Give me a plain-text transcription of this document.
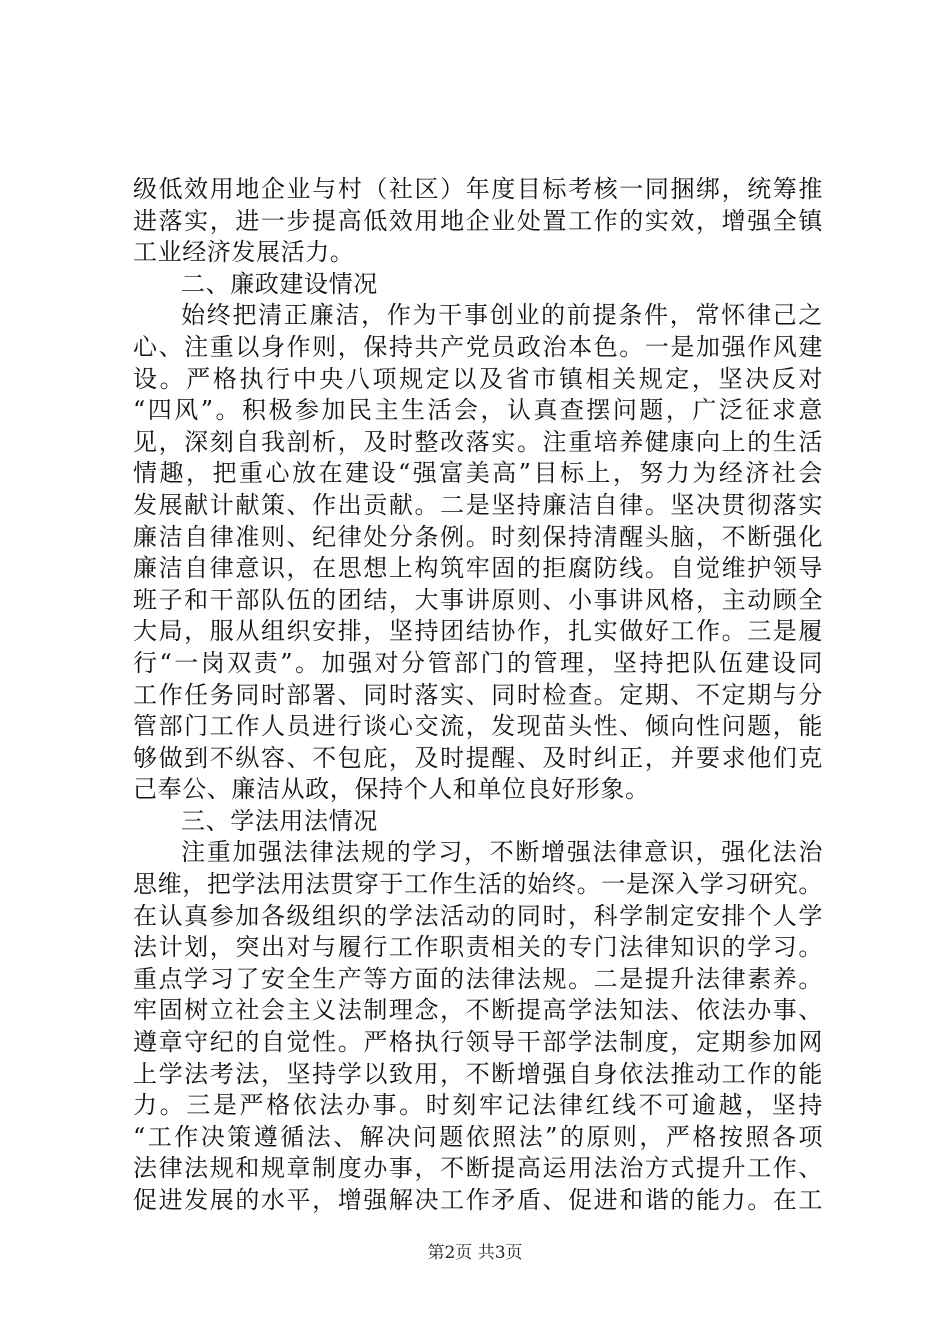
级低效用地企业与村（社区）年度目标考核一同捆绑，统筹推
进落实，进一步提高低效用地企业处置工作的实效，增强全镇
工业经济发展活力。
二、廉政建设情况
始终把清正廉洁，作为干事创业的前提条件，常怀律己之
心、注重以身作则，保持共产党员政治本色。一是加强作风建
设。严格执行中央八项规定以及省市镇相关规定，坚决反对
“四风”。积极参加民主生活会，认真查摆问题，广泛征求意
见，深刻自我剖析，及时整改落实。注重培养健康向上的生活
情趣，把重心放在建设“强富美高”目标上，努力为经济社会
发展献计献策、作出贡献。二是坚持廉洁自律。坚决贯彻落实
廉洁自律准则、纪律处分条例。时刻保持清醒头脑，不断强化
廉洁自律意识，在思想上构筑牢固的拒腐防线。自觉维护领导
班子和干部队伍的团结，大事讲原则、小事讲风格，主动顾全
大局，服从组织安排，坚持团结协作，扎实做好工作。三是履
行“一岗双责”。加强对分管部门的管理，坚持把队伍建设同
工作任务同时部署、同时落实、同时检查。定期、不定期与分
管部门工作人员进行谈心交流，发现苗头性、倾向性问题，能
够做到不纵容、不包庇，及时提醒、及时纠正，并要求他们克
己奉公、廉洁从政，保持个人和单位良好形象。
三、学法用法情况
注重加强法律法规的学习，不断增强法律意识，强化法治
思维，把学法用法贯穿于工作生活的始终。一是深入学习研究。
在认真参加各级组织的学法活动的同时，科学制定安排个人学
法计划，突出对与履行工作职责相关的专门法律知识的学习。
重点学习了安全生产等方面的法律法规。二是提升法律素养。
牢固树立社会主义法制理念，不断提高学法知法、依法办事、
遵章守纪的自觉性。严格执行领导干部学法制度，定期参加网
上学法考法，坚持学以致用，不断增强自身依法推动工作的能
力。三是严格依法办事。时刻牢记法律红线不可逾越，坚持
“工作决策遵循法、解决问题依照法”的原则，严格按照各项
法律法规和规章制度办事，不断提高运用法治方式提升工作、
促进发展的水平，增强解决工作矛盾、促进和谐的能力。在工
第2页 共3页
